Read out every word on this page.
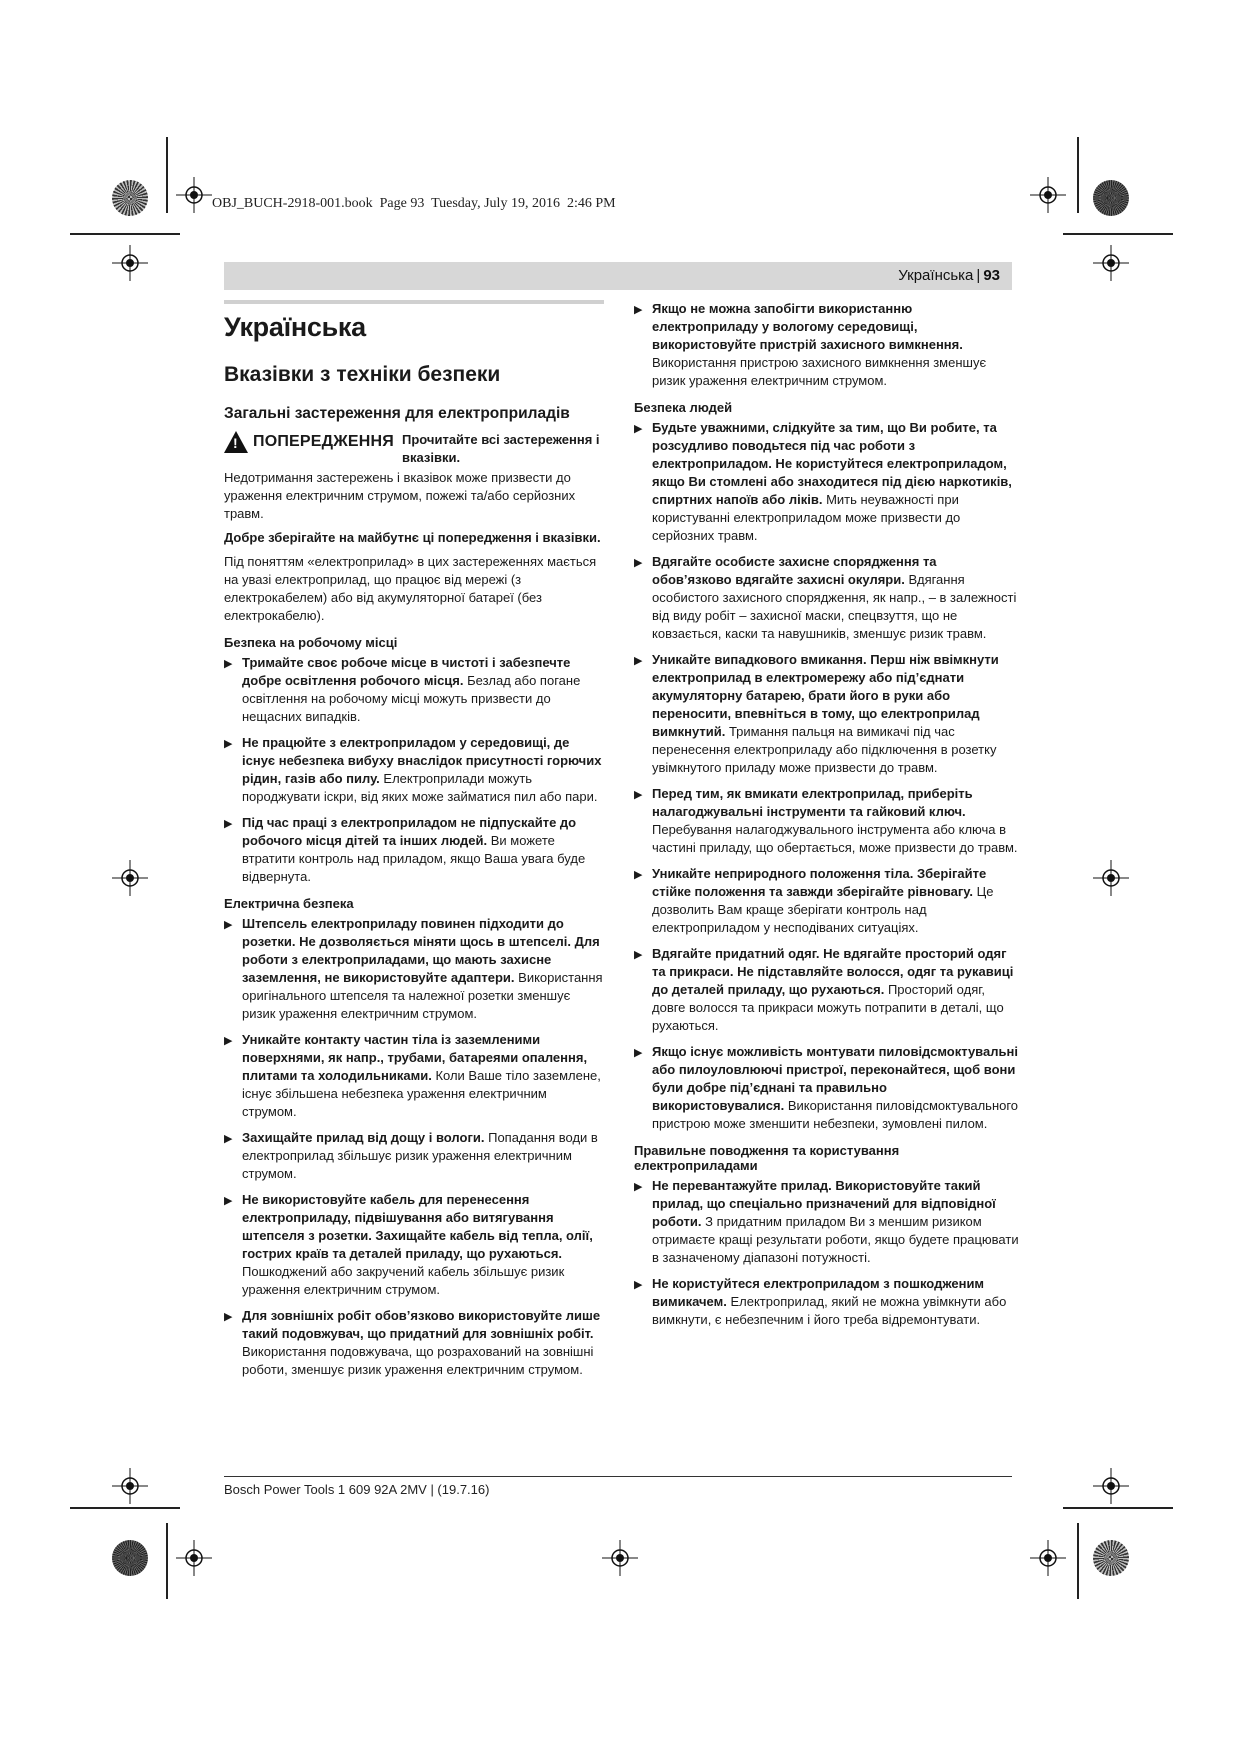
OBJ_BUCH-2918-001.book  Page 93  Tuesday, July 19, 2016  2:46 PM
Українська | 93
Українська
Вказівки з техніки безпеки
Загальні застереження для електроприладів
!
ПОПЕРЕДЖЕННЯ Прочитайте всі застереження і вказівки.

Недотримання застережень і вказівок може призвести до ураження електричним струмом, пожежі та/або серйозних травм.

Добре зберігайте на майбутнє ці попередження і вказівки.

Під поняттям «електроприлад» в цих застереженнях мається на увазі електроприлад, що працює від мережі (з електрокабелем) або від акумуляторної батареї (без електрокабелю).

Безпека на робочому місці
▶ Тримайте своє робоче місце в чистоті і забезпечте добре освітлення робочого місця. Безлад або погане освітлення на робочому місці можуть призвести до нещасних випадків.
▶ Не працюйте з електроприладом у середовищі, де існує небезпека вибуху внаслідок присутності горючих рідин, газів або пилу. Електроприлади можуть породжувати іскри, від яких може займатися пил або пари.
▶ Під час праці з електроприладом не підпускайте до робочого місця дітей та інших людей. Ви можете втратити контроль над приладом, якщо Ваша увага буде відвернута.
Електрична безпека
▶ Штепсель електроприладу повинен підходити до розетки. Не дозволяється міняти щось в штепселі. Для роботи з електроприладами, що мають захисне заземлення, не використовуйте адаптери. Використання оригінального штепселя та належної розетки зменшує ризик ураження електричним струмом.
▶ Уникайте контакту частин тіла із заземленими поверхнями, як напр., трубами, батареями опалення, плитами та холодильниками. Коли Ваше тіло заземлене, існує збільшена небезпека ураження електричним струмом.
▶ Захищайте прилад від дощу і вологи. Попадання води в електроприлад збільшує ризик ураження електричним струмом.
▶ Не використовуйте кабель для перенесення електроприладу, підвішування або витягування штепселя з розетки. Захищайте кабель від тепла, олії, гострих країв та деталей приладу, що рухаються. Пошкоджений або закручений кабель збільшує ризик ураження електричним струмом.
▶ Для зовнішніх робіт обов’язково використовуйте лише такий подовжувач, що придатний для зовнішніх робіт. Використання подовжувача, що розрахований на зовнішні роботи, зменшує ризик ураження електричним струмом.
▶ Якщо не можна запобігти використанню електроприладу у вологому середовищі, використовуйте пристрій захисного вимкнення. Використання пристрою захисного вимкнення зменшує ризик ураження електричним струмом.
Безпека людей
▶ Будьте уважними, слідкуйте за тим, що Ви робите, та розсудливо поводьтеся під час роботи з електроприладом. Не користуйтеся електроприладом, якщо Ви стомлені або знаходитеся під дією наркотиків, спиртних напоїв або ліків. Мить неуважності при користуванні електроприладом може призвести до серйозних травм.
▶ Вдягайте особисте захисне спорядження та обов’язково вдягайте захисні окуляри. Вдягання особистого захисного спорядження, як напр., – в залежності від виду робіт – захисної маски, спецвзуття, що не ковзається, каски та навушників, зменшує ризик травм.
▶ Уникайте випадкового вмикання. Перш ніж ввімкнути електроприлад в електромережу або під’єднати акумуляторну батарею, брати його в руки або переносити, впевніться в тому, що електроприлад вимкнутий. Тримання пальця на вимикачі під час перенесення електроприладу або підключення в розетку увімкнутого приладу може призвести до травм.
▶ Перед тим, як вмикати електроприлад, приберіть налагоджувальні інструменти та гайковий ключ. Перебування налагоджувального інструмента або ключа в частині приладу, що обертається, може призвести до травм.
▶ Уникайте неприродного положення тіла. Зберігайте стійке положення та завжди зберігайте рівновагу. Це дозволить Вам краще зберігати контроль над електроприладом у несподіваних ситуаціях.
▶ Вдягайте придатний одяг. Не вдягайте просторий одяг та прикраси. Не підставляйте волосся, одяг та рукавиці до деталей приладу, що рухаються. Просторий одяг, довге волосся та прикраси можуть потрапити в деталі, що рухаються.
▶ Якщо існує можливість монтувати пиловідсмоктувальні або пилоуловлюючі пристрої, переконайтеся, щоб вони були добре під’єднані та правильно використовувалися. Використання пиловідсмоктувального пристрою може зменшити небезпеки, зумовлені пилом.
Правильне поводження та користування електроприладами
▶ Не перевантажуйте прилад. Використовуйте такий прилад, що спеціально призначений для відповідної роботи. З придатним приладом Ви з меншим ризиком отримаєте кращі результати роботи, якщо будете працювати в зазначеному діапазоні потужності.
▶ Не користуйтеся електроприладом з пошкодженим вимикачем. Електроприлад, який не можна увімкнути або вимкнути, є небезпечним і його треба відремонтувати.
Bosch Power Tools 1 609 92A 2MV | (19.7.16)
